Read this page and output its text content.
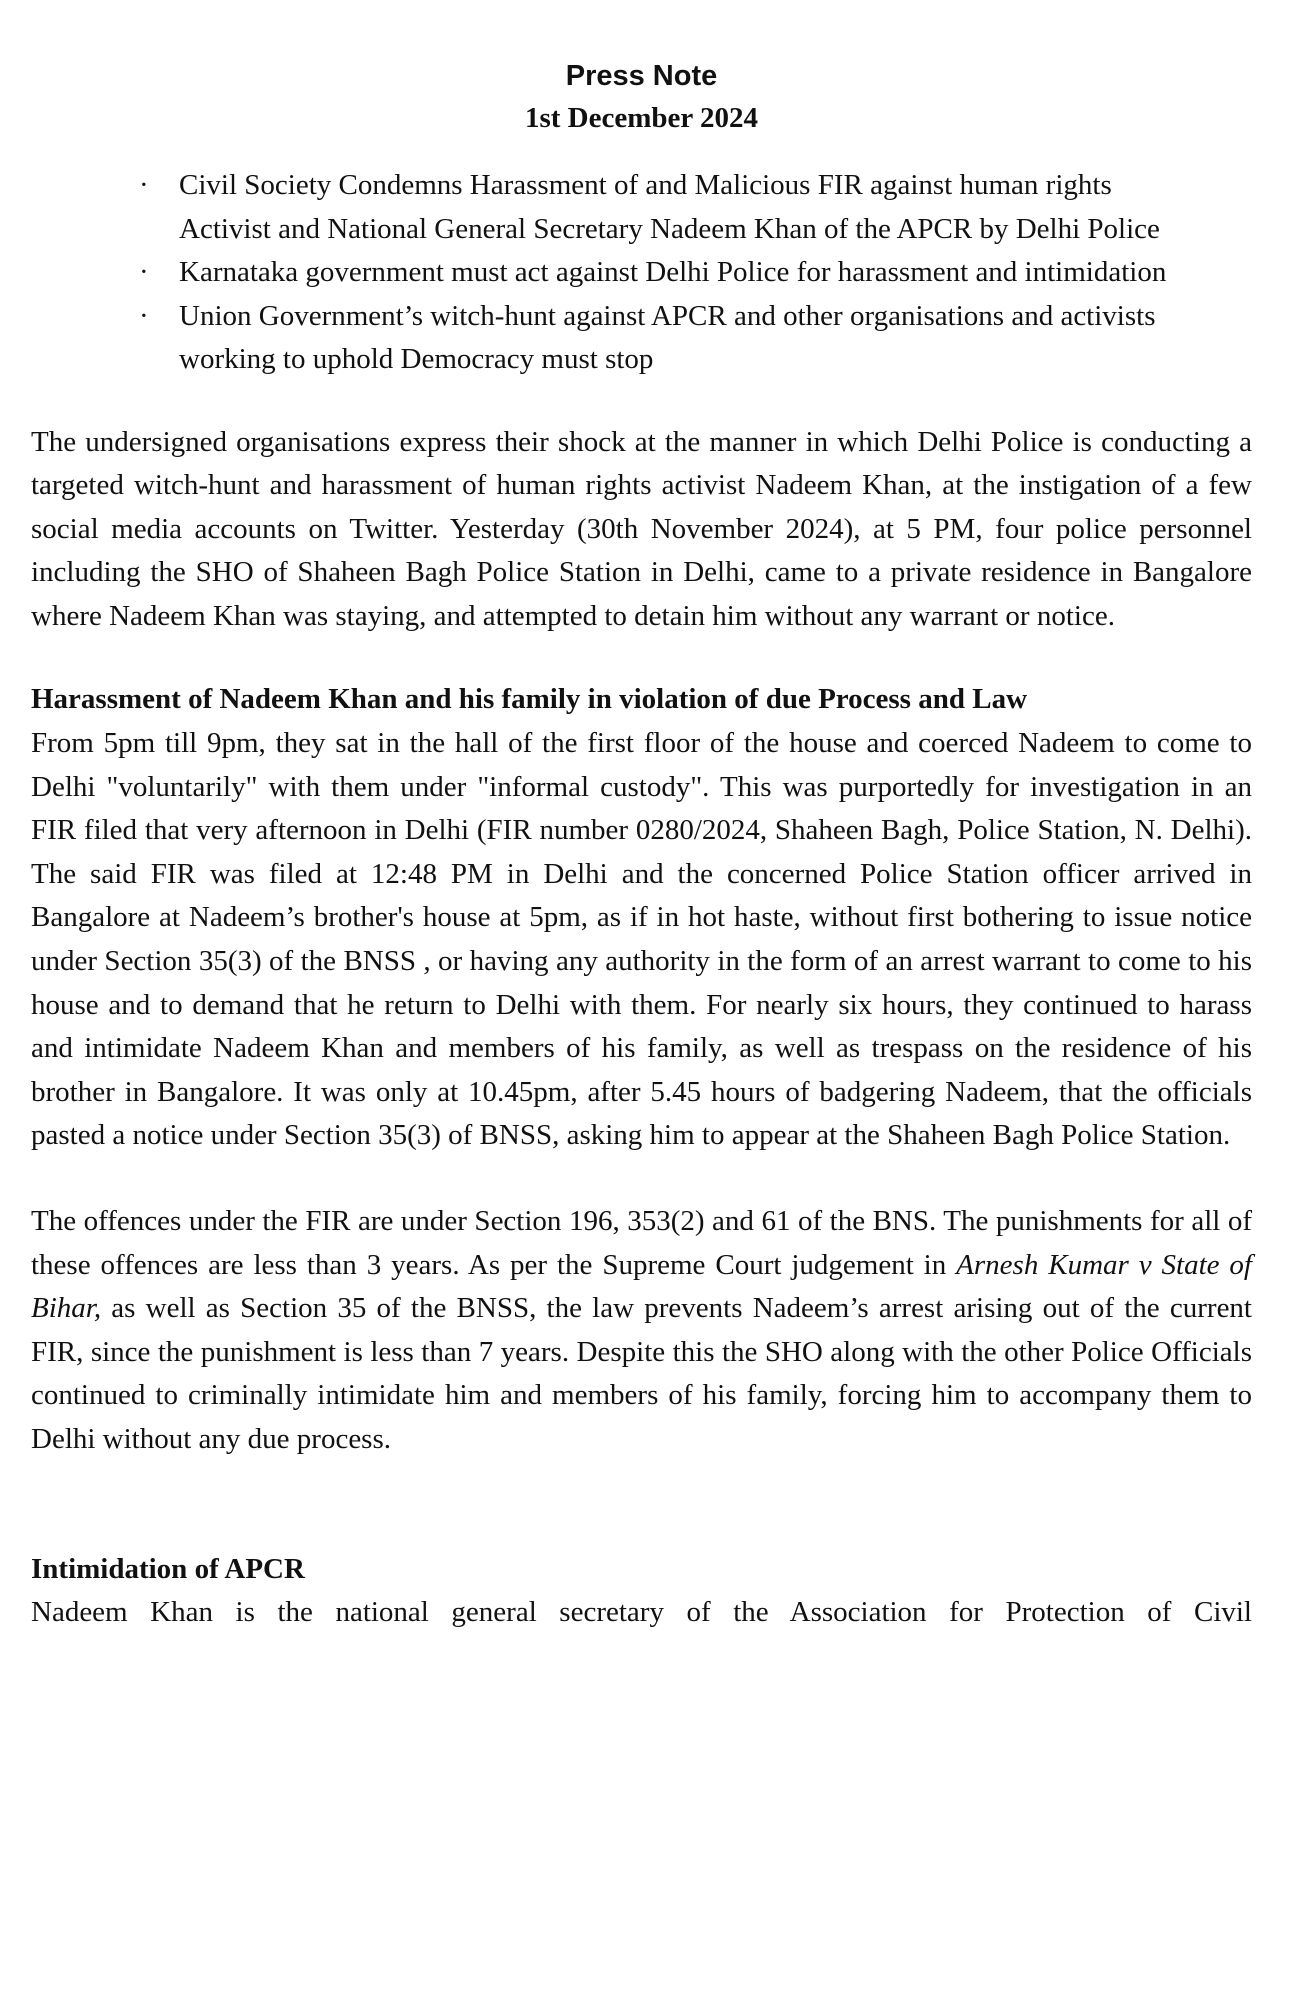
Press Note

1st December 2024

· Civil Society Condemns Harassment of and Malicious FIR against human rights Activist and National General Secretary Nadeem Khan of the APCR by Delhi Police
· Karnataka government must act against Delhi Police for harassment and intimidation
· Union Government’s witch-hunt against APCR and other organisations and activists working to uphold Democracy must stop

The undersigned organisations express their shock at the manner in which Delhi Police is conducting a targeted witch-hunt and harassment of human rights activist Nadeem Khan, at the instigation of a few social media accounts on Twitter. Yesterday (30th November 2024), at 5 PM, four police personnel including the SHO of Shaheen Bagh Police Station in Delhi, came to a private residence in Bangalore where Nadeem Khan was staying, and attempted to detain him without any warrant or notice.

Harassment of Nadeem Khan and his family in violation of due Process and Law

From 5pm till 9pm, they sat in the hall of the first floor of the house and coerced Nadeem to come to Delhi "voluntarily" with them under "informal custody". This was purportedly for investigation in an FIR filed that very afternoon in Delhi (FIR number 0280/2024, Shaheen Bagh, Police Station, N. Delhi). The said FIR was filed at 12:48 PM in Delhi and the concerned Police Station officer arrived in Bangalore at Nadeem’s brother's house at 5pm, as if in hot haste, without first bothering to issue notice under Section 35(3) of the BNSS , or having any authority in the form of an arrest warrant to come to his house and to demand that he return to Delhi with them. For nearly six hours, they continued to harass and intimidate Nadeem Khan and members of his family, as well as trespass on the residence of his brother in Bangalore. It was only at 10.45pm, after 5.45 hours of badgering Nadeem, that the officials pasted a notice under Section 35(3) of BNSS, asking him to appear at the Shaheen Bagh Police Station.

The offences under the FIR are under Section 196, 353(2) and 61 of the BNS. The punishments for all of these offences are less than 3 years. As per the Supreme Court judgement in Arnesh Kumar v State of Bihar, as well as Section 35 of the BNSS, the law prevents Nadeem’s arrest arising out of the current FIR, since the punishment is less than 7 years. Despite this the SHO along with the other Police Officials continued to criminally intimidate him and members of his family, forcing him to accompany them to Delhi without any due process.

Intimidation of APCR

Nadeem Khan is the national general secretary of the Association for Protection of Civil
